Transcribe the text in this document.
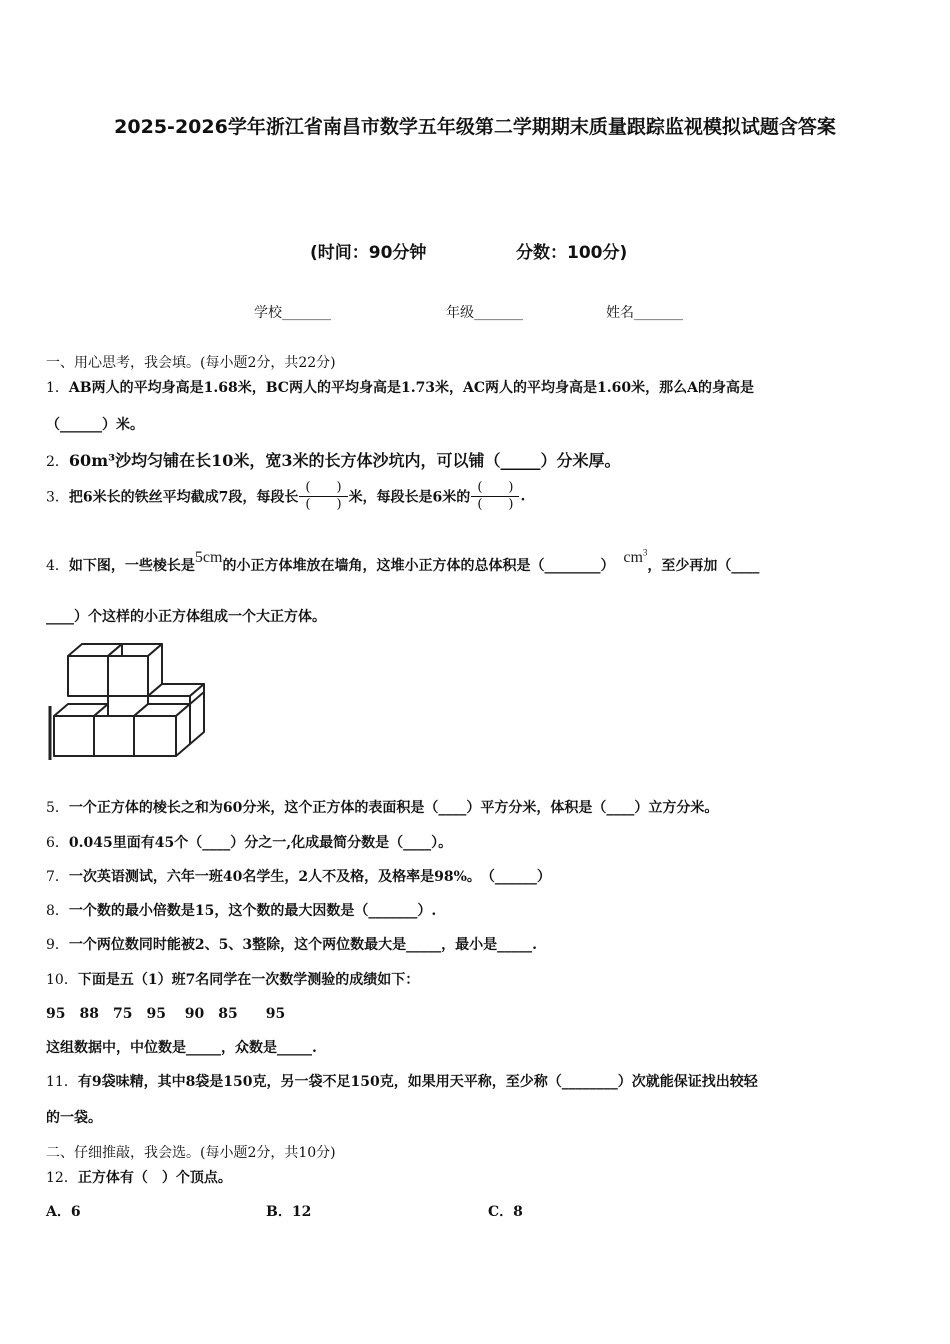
2025-2026学年浙江省南昌市数学五年级第二学期期末质量跟踪监视模拟试题含答案
(时间：90分钟	分数：100分)
学校_______	年级_______	姓名_______
一、用心思考，我会填。(每小题2分，共22分)
1．AB两人的平均身高是1.68米，BC两人的平均身高是1.73米，AC两人的平均身高是1.60米，那么A的身高是
（______）米。
2．60m³沙均匀铺在长10米，宽3米的长方体沙坑内，可以铺（_____）分米厚。
3．把6米长的铁丝平均截成7段，每段长 $\frac{( )}{( )}$ 米，每段长是6米的 $\frac{( )}{( )}$ .
4．如下图，一些棱长是5cm的小正方体堆放在墙角，这堆小正方体的总体积是（________） $cm^3$，至少再加（____
____）个这样的小正方体组成一个大正方体。
5．一个正方体的棱长之和为60分米，这个正方体的表面积是（____）平方分米，体积是（____）立方分米。
6．0.045里面有45个（____）分之一,化成最简分数是（____）。
7．一次英语测试，六年一班40名学生，2人不及格，及格率是98%。　（______）
8．一个数的最小倍数是15，这个数的最大因数是（_______）.
9．一个两位数同时能被2、5、3整除，这个两位数最大是_____，最小是_____.
10．下面是五（1）班7名同学在一次数学测验的成绩如下：
95　88　75　95　 90　85　　95
这组数据中，中位数是_____，众数是_____.
11．有9袋味精，其中8袋是150克，另一袋不足150克，如果用天平称，至少称（________）次就能保证找出较轻
的一袋。
二、仔细推敲，我会选。(每小题2分，共10分)
12．正方体有（　）个顶点。
A．6	B．12	C．8
